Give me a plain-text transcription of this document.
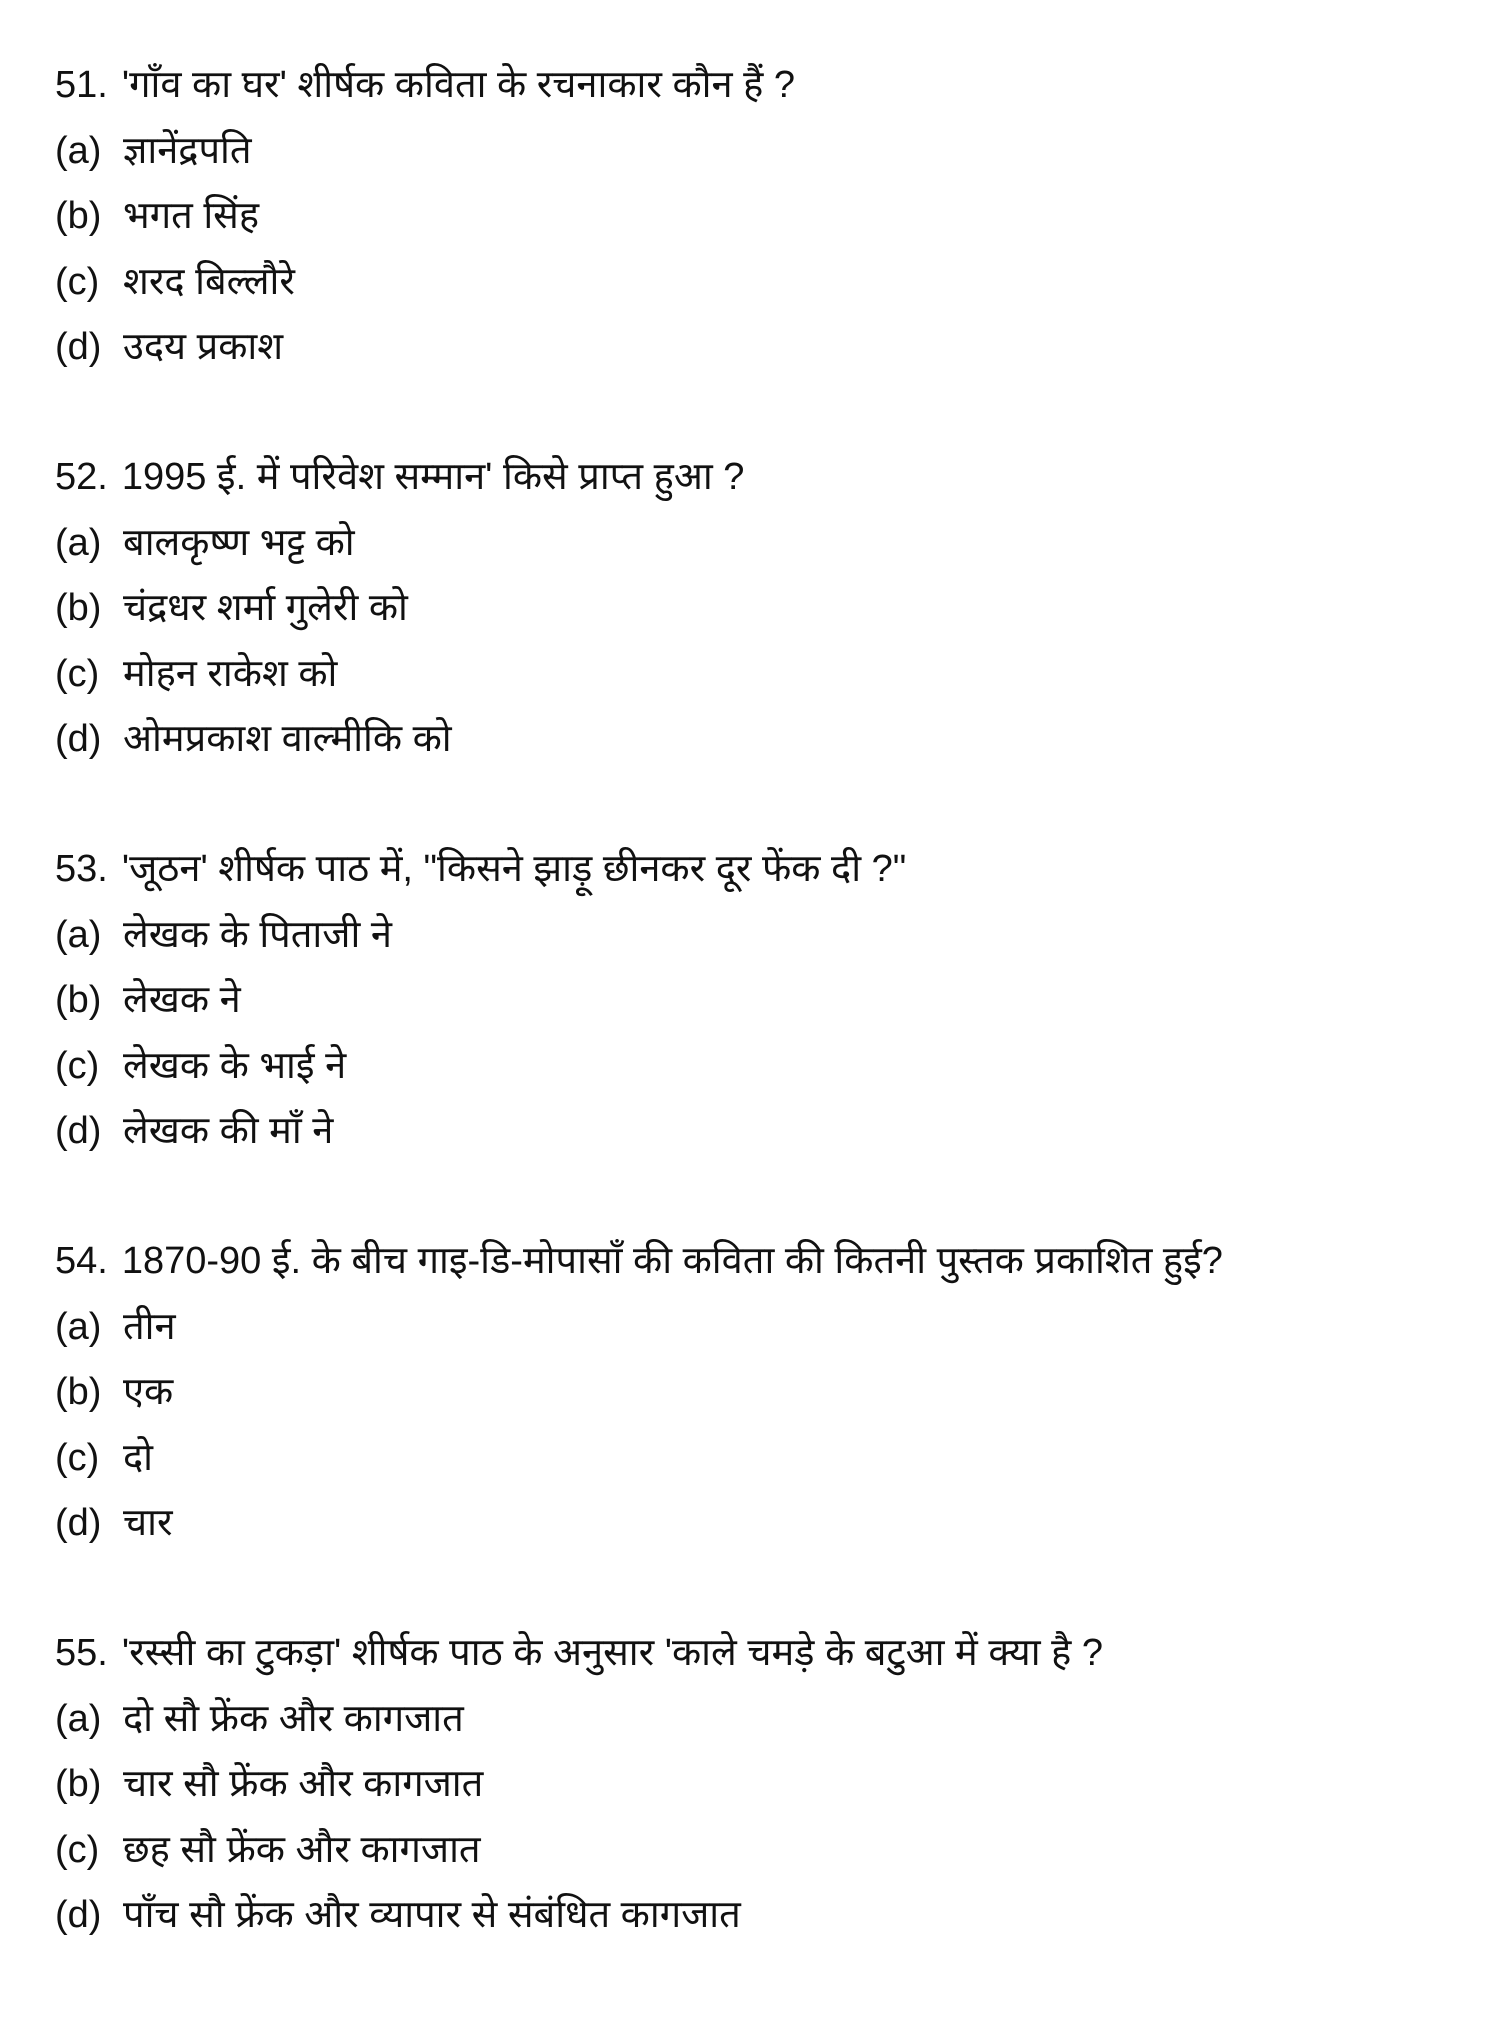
51. 'गाँव का घर' शीर्षक कविता के रचनाकार कौन हैं ?
(a) ज्ञानेंद्रपति
(b) भगत सिंह
(c) शरद बिल्लौरे
(d) उदय प्रकाश
52. 1995 ई. में परिवेश सम्मान' किसे प्राप्त हुआ ?
(a) बालकृष्ण भट्ट को
(b) चंद्रधर शर्मा गुलेरी को
(c) मोहन राकेश को
(d) ओमप्रकाश वाल्मीकि को
53. 'जूठन' शीर्षक पाठ में, "किसने झाड़ू छीनकर दूर फेंक दी ?"
(a) लेखक के पिताजी ने
(b) लेखक ने
(c) लेखक के भाई ने
(d) लेखक की माँ ने
54. 1870-90 ई. के बीच गाइ-डि-मोपासाँ की कविता की कितनी पुस्तक प्रकाशित हुई?
(a) तीन
(b) एक
(c) दो
(d) चार
55. 'रस्सी का टुकड़ा' शीर्षक पाठ के अनुसार 'काले चमड़े के बटुआ में क्या है ?
(a) दो सौ फ्रेंक और कागजात
(b) चार सौ फ्रेंक और कागजात
(c) छह सौ फ्रेंक और कागजात
(d) पाँच सौ फ्रेंक और व्यापार से संबंधित कागजात
